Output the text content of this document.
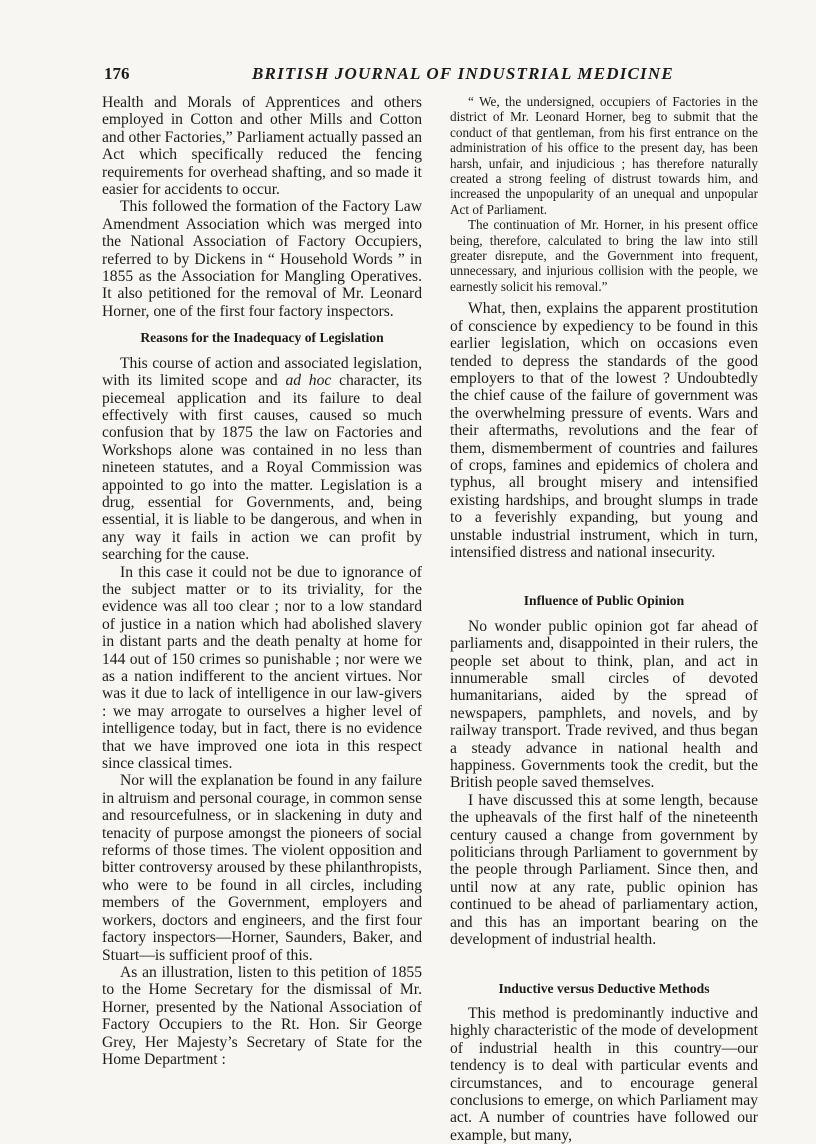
176	BRITISH JOURNAL OF INDUSTRIAL MEDICINE

Health and Morals of Apprentices and others employed in Cotton and other Mills and Cotton and other Factories,” Parliament actually passed an Act which specifically reduced the fencing requirements for overhead shafting, and so made it easier for accidents to occur.

This followed the formation of the Factory Law Amendment Association which was merged into the National Association of Factory Occupiers, referred to by Dickens in “ Household Words ” in 1855 as the Association for Mangling Operatives. It also petitioned for the removal of Mr. Leonard Horner, one of the first four factory inspectors.

Reasons for the Inadequacy of Legislation

This course of action and associated legislation, with its limited scope and ad hoc character, its piecemeal application and its failure to deal effectively with first causes, caused so much confusion that by 1875 the law on Factories and Workshops alone was contained in no less than nineteen statutes, and a Royal Commission was appointed to go into the matter. Legislation is a drug, essential for Governments, and, being essential, it is liable to be dangerous, and when in any way it fails in action we can profit by searching for the cause.

In this case it could not be due to ignorance of the subject matter or to its triviality, for the evidence was all too clear ; nor to a low standard of justice in a nation which had abolished slavery in distant parts and the death penalty at home for 144 out of 150 crimes so punishable ; nor were we as a nation indifferent to the ancient virtues. Nor was it due to lack of intelligence in our law-givers : we may arrogate to ourselves a higher level of intelligence today, but in fact, there is no evidence that we have improved one iota in this respect since classical times.

Nor will the explanation be found in any failure in altruism and personal courage, in common sense and resourcefulness, or in slackening in duty and tenacity of purpose amongst the pioneers of social reforms of those times. The violent opposition and bitter controversy aroused by these philanthropists, who were to be found in all circles, including members of the Government, employers and workers, doctors and engineers, and the first four factory inspectors—Horner, Saunders, Baker, and Stuart—is sufficient proof of this.

As an illustration, listen to this petition of 1855 to the Home Secretary for the dismissal of Mr. Horner, presented by the National Association of Factory Occupiers to the Rt. Hon. Sir George Grey, Her Majesty’s Secretary of State for the Home Department :

“ We, the undersigned, occupiers of Factories in the district of Mr. Leonard Horner, beg to submit that the conduct of that gentleman, from his first entrance on the administration of his office to the present day, has been harsh, unfair, and injudicious ; has therefore naturally created a strong feeling of distrust towards him, and increased the unpopularity of an unequal and unpopular Act of Parliament.

The continuation of Mr. Horner, in his present office being, therefore, calculated to bring the law into still greater disrepute, and the Government into frequent, unnecessary, and injurious collision with the people, we earnestly solicit his removal.”

What, then, explains the apparent prostitution of conscience by expediency to be found in this earlier legislation, which on occasions even tended to depress the standards of the good employers to that of the lowest ? Undoubtedly the chief cause of the failure of government was the overwhelming pressure of events. Wars and their aftermaths, revolutions and the fear of them, dismemberment of countries and failures of crops, famines and epidemics of cholera and typhus, all brought misery and intensified existing hardships, and brought slumps in trade to a feverishly expanding, but young and unstable industrial instrument, which in turn, intensified distress and national insecurity.

Influence of Public Opinion

No wonder public opinion got far ahead of parliaments and, disappointed in their rulers, the people set about to think, plan, and act in innumerable small circles of devoted humanitarians, aided by the spread of newspapers, pamphlets, and novels, and by railway transport. Trade revived, and thus began a steady advance in national health and happiness. Governments took the credit, but the British people saved themselves.

I have discussed this at some length, because the upheavals of the first half of the nineteenth century caused a change from government by politicians through Parliament to government by the people through Parliament. Since then, and until now at any rate, public opinion has continued to be ahead of parliamentary action, and this has an important bearing on the development of industrial health.

Inductive versus Deductive Methods

This method is predominantly inductive and highly characteristic of the mode of development of industrial health in this country—our tendency is to deal with particular events and circumstances, and to encourage general conclusions to emerge, on which Parliament may act. A number of countries have followed our example, but many,
